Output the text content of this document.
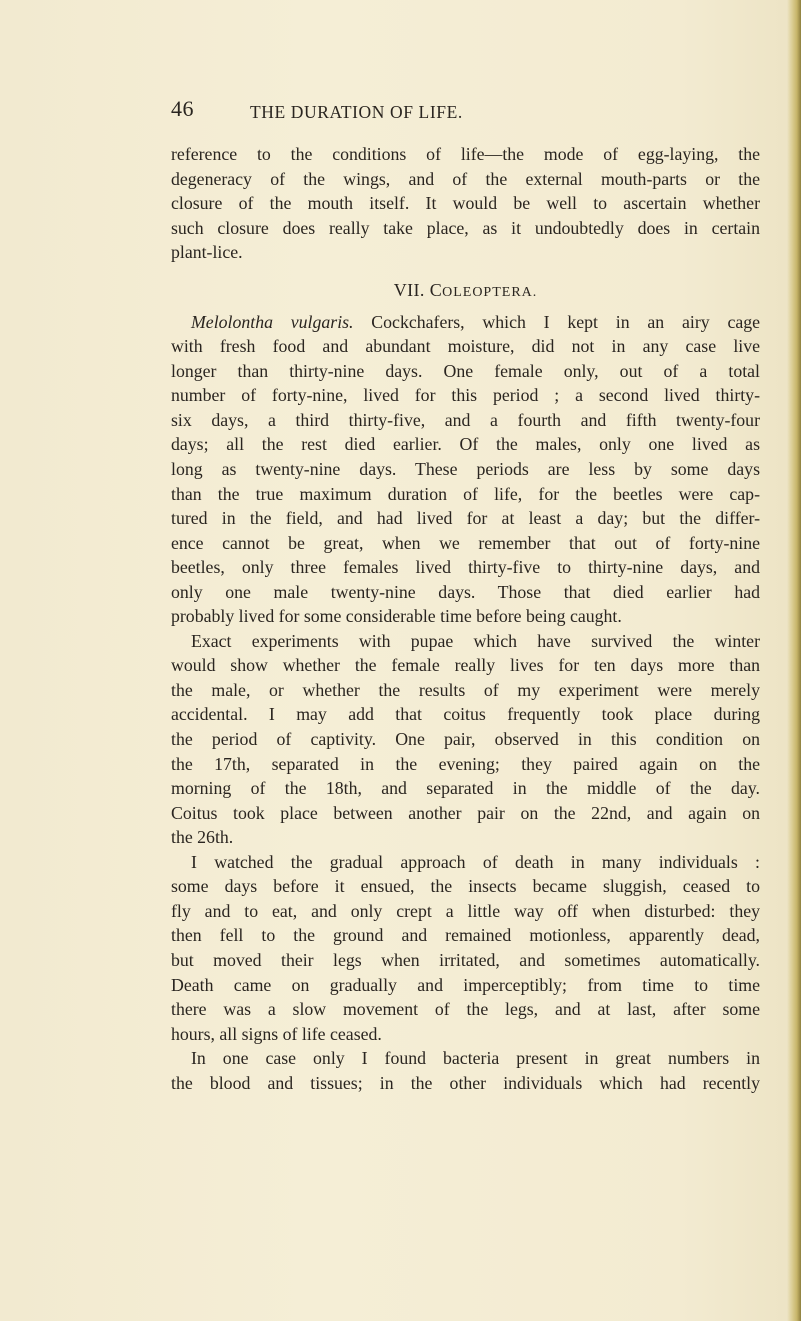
46	THE DURATION OF LIFE.
reference to the conditions of life—the mode of egg-laying, the
degeneracy of the wings, and of the external mouth-parts or the
closure of the mouth itself. It would be well to ascertain whether
such closure does really take place, as it undoubtedly does in certain
plant-lice.
VII. COLEOPTERA.
Melolontha vulgaris. Cockchafers, which I kept in an airy cage
with fresh food and abundant moisture, did not in any case live
longer than thirty-nine days. One female only, out of a total
number of forty-nine, lived for this period ; a second lived thirty-
six days, a third thirty-five, and a fourth and fifth twenty-four
days; all the rest died earlier. Of the males, only one lived as
long as twenty-nine days. These periods are less by some days
than the true maximum duration of life, for the beetles were cap-
tured in the field, and had lived for at least a day; but the differ-
ence cannot be great, when we remember that out of forty-nine
beetles, only three females lived thirty-five to thirty-nine days, and
only one male twenty-nine days. Those that died earlier had
probably lived for some considerable time before being caught.
Exact experiments with pupae which have survived the winter
would show whether the female really lives for ten days more than
the male, or whether the results of my experiment were merely
accidental. I may add that coitus frequently took place during
the period of captivity. One pair, observed in this condition on
the 17th, separated in the evening; they paired again on the
morning of the 18th, and separated in the middle of the day.
Coitus took place between another pair on the 22nd, and again on
the 26th.
I watched the gradual approach of death in many individuals :
some days before it ensued, the insects became sluggish, ceased to
fly and to eat, and only crept a little way off when disturbed: they
then fell to the ground and remained motionless, apparently dead,
but moved their legs when irritated, and sometimes automatically.
Death came on gradually and imperceptibly; from time to time
there was a slow movement of the legs, and at last, after some
hours, all signs of life ceased.
In one case only I found bacteria present in great numbers in
the blood and tissues; in the other individuals which had recently
